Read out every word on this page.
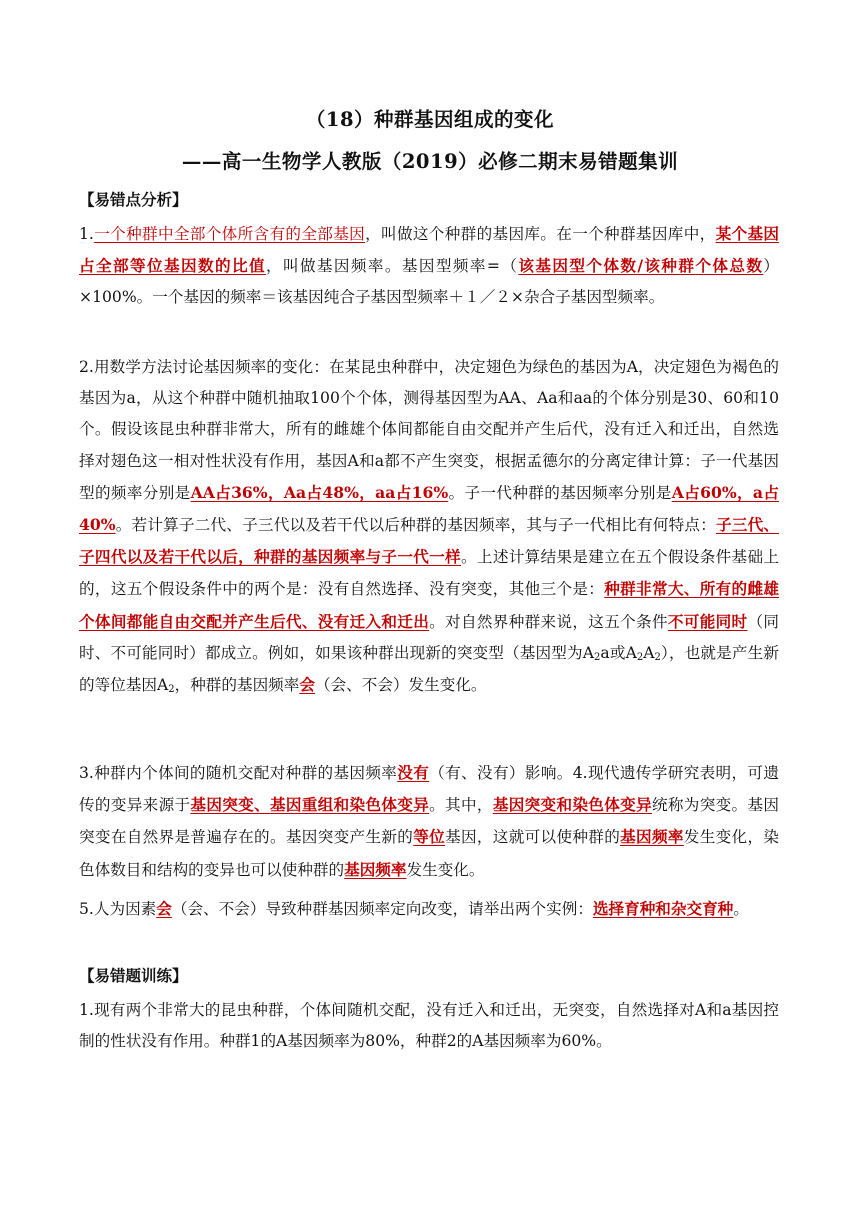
（18）种群基因组成的变化
——高一生物学人教版（2019）必修二期末易错题集训
【易错点分析】
1.一个种群中全部个体所含有的全部基因，叫做这个种群的基因库。在一个种群基因库中，某个基因占全部等位基因数的比值，叫做基因频率。基因型频率=（该基因型个体数/该种群个体总数）×100%。一个基因的频率＝该基因纯合子基因型频率＋１／２×杂合子基因型频率。
2.用数学方法讨论基因频率的变化：在某昆虫种群中，决定翅色为绿色的基因为A，决定翅色为褐色的基因为a，从这个种群中随机抽取100个个体，测得基因型为AA、Aa和aa的个体分别是30、60和10个。假设该昆虫种群非常大，所有的雌雄个体间都能自由交配并产生后代，没有迁入和迁出，自然选择对翅色这一相对性状没有作用，基因A和a都不产生突变，根据孟德尔的分离定律计算：子一代基因型的频率分别是AA占36%，Aa占48%，aa占16%。子一代种群的基因频率分别是A占60%，a占40%。若计算子二代、子三代以及若干代以后种群的基因频率，其与子一代相比有何特点：子三代、子四代以及若干代以后，种群的基因频率与子一代一样。上述计算结果是建立在五个假设条件基础上的，这五个假设条件中的两个是：没有自然选择、没有突变，其他三个是：种群非常大、所有的雌雄个体间都能自由交配并产生后代、没有迁入和迁出。对自然界种群来说，这五个条件不可能同时（同时、不可能同时）都成立。例如，如果该种群出现新的突变型（基因型为$A_2a$或$A_2A_2$），也就是产生新的等位基因$A_2$，种群的基因频率会（会、不会）发生变化。
3.种群内个体间的随机交配对种群的基因频率没有（有、没有）影响。4.现代遗传学研究表明，可遗传的变异来源于基因突变、基因重组和染色体变异。其中，基因突变和染色体变异统称为突变。基因突变在自然界是普遍存在的。基因突变产生新的等位基因，这就可以使种群的基因频率发生变化，染色体数目和结构的变异也可以使种群的基因频率发生变化。
5.人为因素会（会、不会）导致种群基因频率定向改变，请举出两个实例：选择育种和杂交育种。
【易错题训练】
1.现有两个非常大的昆虫种群，个体间随机交配，没有迁入和迁出，无突变，自然选择对A和a基因控制的性状没有作用。种群1的A基因频率为80%，种群2的A基因频率为60%。
